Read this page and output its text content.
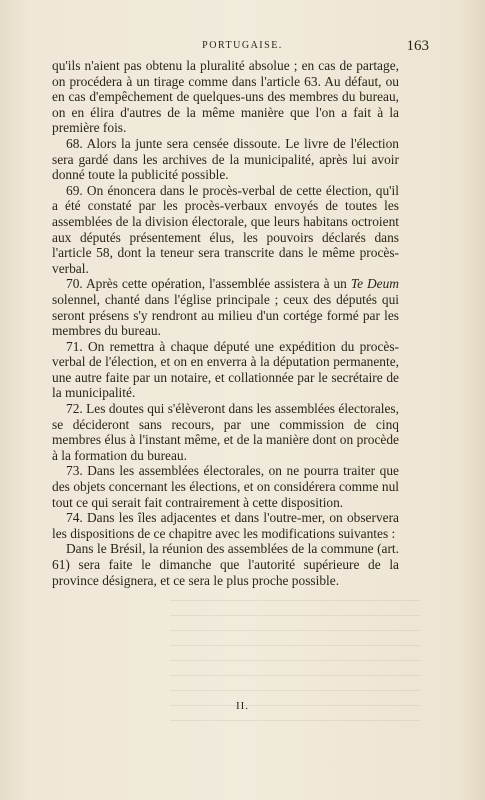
PORTUGAISE.	163

qu'ils n'aient pas obtenu la pluralité absolue ; en cas de partage, on procédera à un tirage comme dans l'article 63. Au défaut, ou en cas d'empêchement de quelques-uns des membres du bureau, on en élira d'autres de la même manière que l'on a fait à la première fois.

68. Alors la junte sera censée dissoute. Le livre de l'élection sera gardé dans les archives de la municipalité, après lui avoir donné toute la publicité possible.

69. On énoncera dans le procès-verbal de cette élection, qu'il a été constaté par les procès-verbaux envoyés de toutes les assemblées de la division électorale, que leurs habitans octroient aux députés présentement élus, les pouvoirs déclarés dans l'article 58, dont la teneur sera transcrite dans le même procès-verbal.

70. Après cette opération, l'assemblée assistera à un Te Deum solennel, chanté dans l'église principale ; ceux des députés qui seront présens s'y rendront au milieu d'un cortége formé par les membres du bureau.

71. On remettra à chaque député une expédition du procès-verbal de l'élection, et on en enverra à la députation permanente, une autre faite par un notaire, et collationnée par le secrétaire de la municipalité.

72. Les doutes qui s'élèveront dans les assemblées électorales, se décideront sans recours, par une commission de cinq membres élus à l'instant même, et de la manière dont on procède à la formation du bureau.

73. Dans les assemblées électorales, on ne pourra traiter que des objets concernant les élections, et on considérera comme nul tout ce qui serait fait contrairement à cette disposition.

74. Dans les îles adjacentes et dans l'outre-mer, on observera les dispositions de ce chapitre avec les modifications suivantes :

Dans le Brésil, la réunion des assemblées de la commune (art. 61) sera faite le dimanche que l'autorité supérieure de la province désignera, et ce sera le plus proche possible.

II.
